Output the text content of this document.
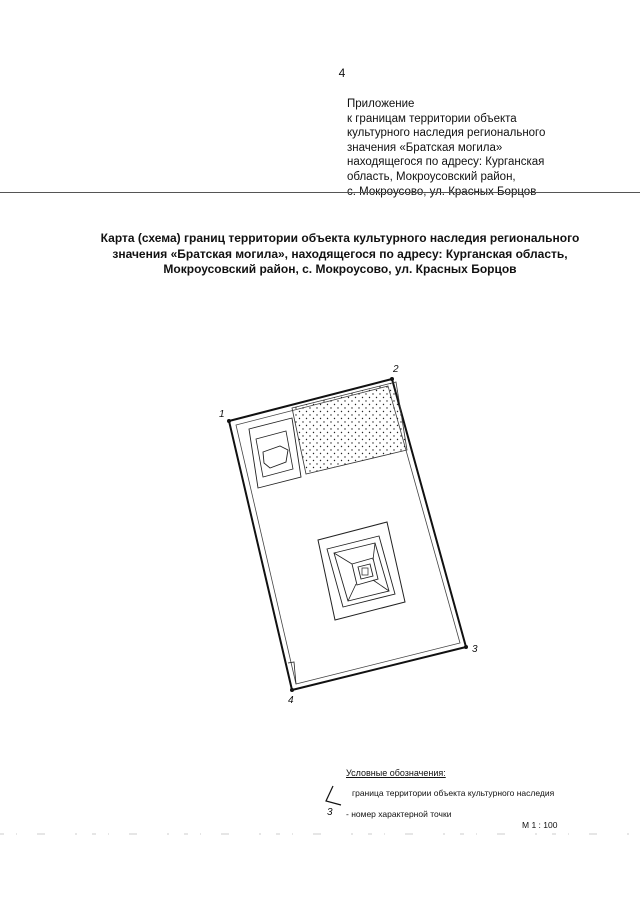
4
Приложение
к границам территории объекта
культурного наследия регионального
значения «Братская могила»
находящегося по адресу: Курганская
область, Мокроусовский район,
с. Мокроусово, ул. Красных Борцов
Карта (схема) границ территории объекта культурного наследия регионального
значения «Братская могила», находящегося по адресу: Курганская область,
Мокроусовский район, с. Мокроусово, ул. Красных Борцов
1
2
3
4
Условные обозначения:
граница территории объекта культурного наследия
3 - номер характерной точки
М 1 : 100
